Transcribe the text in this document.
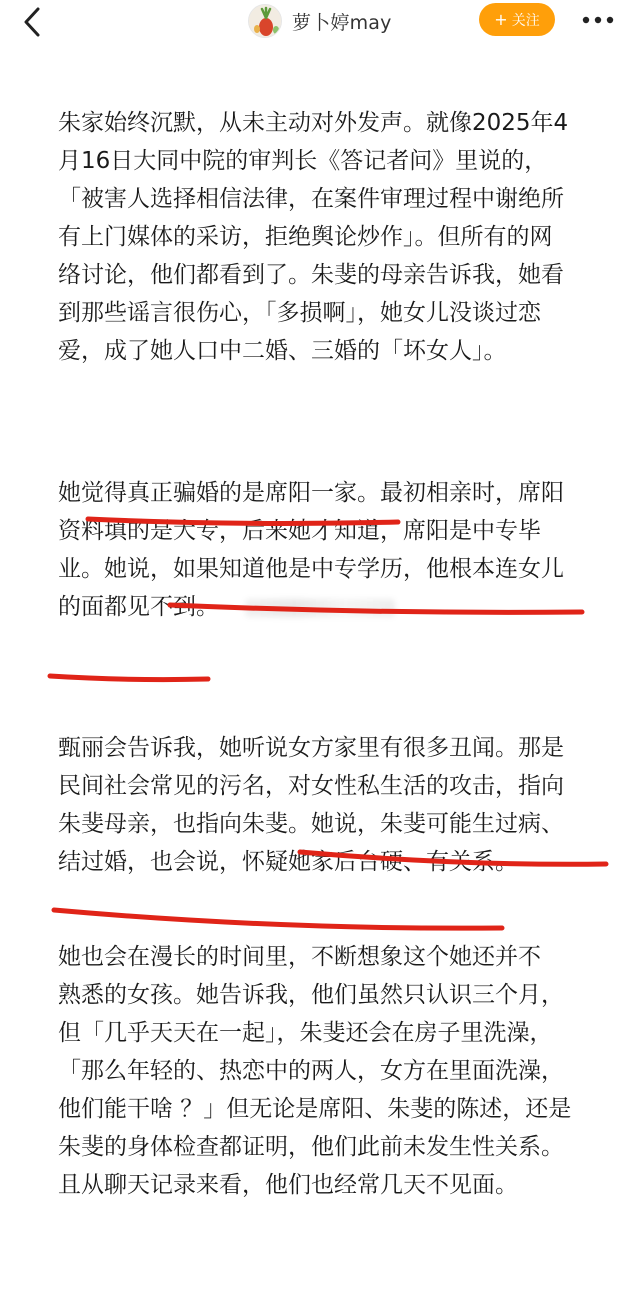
朱家始终沉默，从未主动对外发声。就像2025年4
月16日大同中院的审判长《答记者问》里说的，
「被害人选择相信法律，在案件审理过程中谢绝所
有上门媒体的采访，拒绝舆论炒作」。但所有的网
络讨论，他们都看到了。朱斐的母亲告诉我，她看
到那些谣言很伤心，「多损啊」，她女儿没谈过恋
爱，成了她人口中二婚、三婚的「坏女人」。
她觉得真正骗婚的是席阳一家。最初相亲时，席阳
资料填的是大专，后来她才知道，席阳是中专毕
业。她说，如果知道他是中专学历，他根本连女儿
的面都见不到。
甄丽会告诉我，她听说女方家里有很多丑闻。那是
民间社会常见的污名，对女性私生活的攻击，指向
朱斐母亲，也指向朱斐。她说，朱斐可能生过病、
结过婚，也会说，怀疑她家后台硬、有关系。
她也会在漫长的时间里，不断想象这个她还并不
熟悉的女孩。她告诉我，他们虽然只认识三个月，
但「几乎天天在一起」，朱斐还会在房子里洗澡，
「那么年轻的、热恋中的两人，女方在里面洗澡，
他们能干啥 ？」但无论是席阳、朱斐的陈述，还是
朱斐的身体检查都证明，他们此前未发生性关系。
且从聊天记录来看，他们也经常几天不见面。
萝卜婷may	+ 关注
